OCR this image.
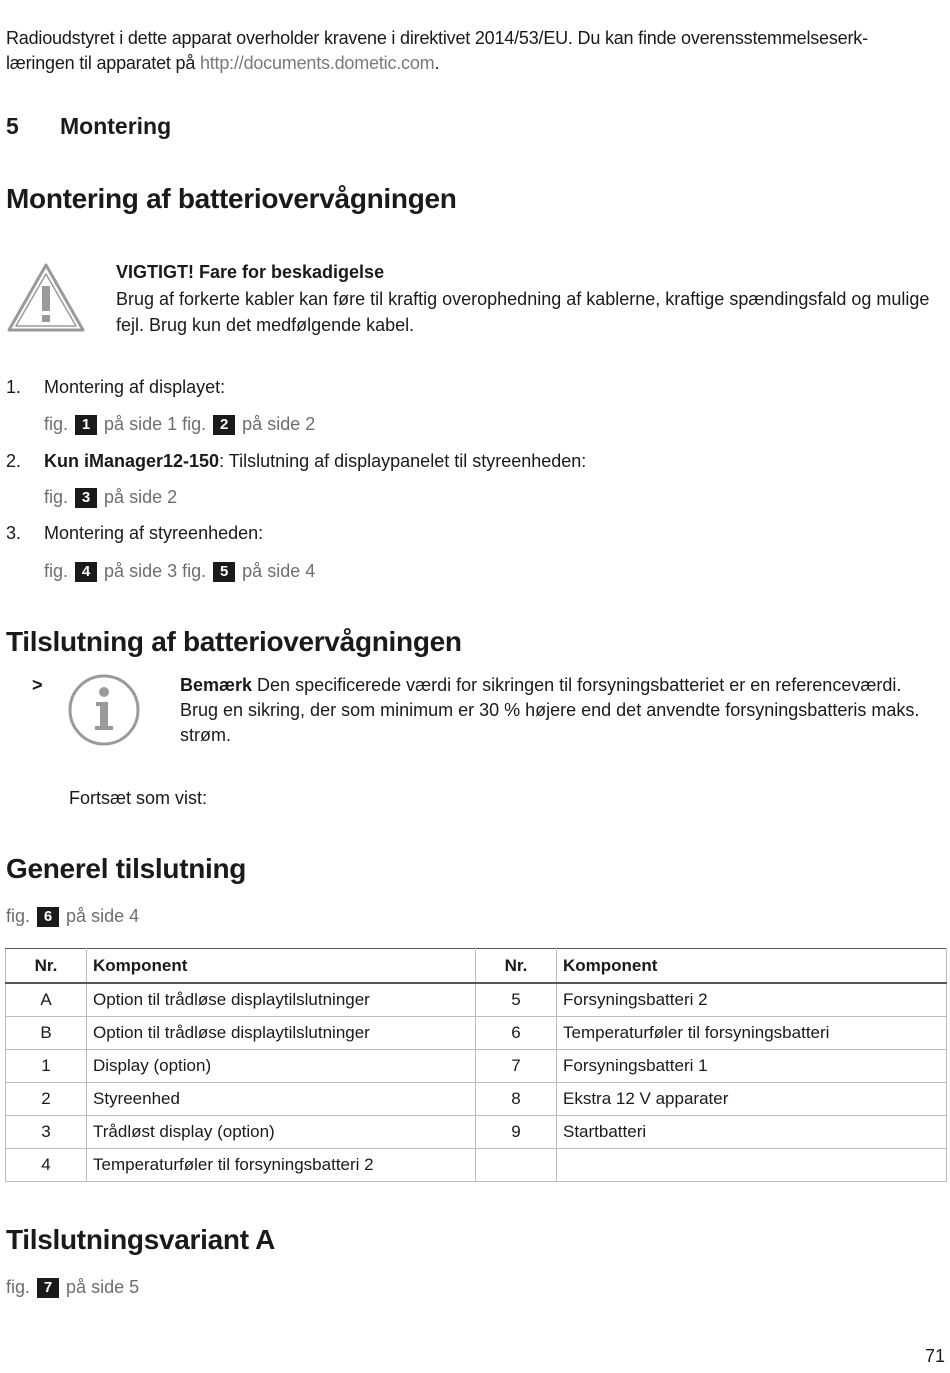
Radioudstyret i dette apparat overholder kravene i direktivet 2014/53/EU. Du kan finde overensstemmelseserk-
læringen til apparatet på http://documents.dometic.com.
5 Montering
Montering af batteriovervågningen
VIGTIGT! Fare for beskadigelse
Brug af forkerte kabler kan føre til kraftig overophedning af kablerne, kraftige spændingsfald og mulige fejl. Brug kun det medfølgende kabel.
1. Montering af displayet:
fig. 1 på side 1 fig. 2 på side 2
2. Kun iManager12-150: Tilslutning af displaypanelet til styreenheden:
fig. 3 på side 2
3. Montering af styreenheden:
fig. 4 på side 3 fig. 5 på side 4
Tilslutning af batteriovervågningen
>	Bemærk Den specificerede værdi for sikringen til forsyningsbatteriet er en referenceværdi. Brug en sikring, der som minimum er 30 % højere end det anvendte forsyningsbatteris maks. strøm.
Fortsæt som vist:
Generel tilslutning
fig. 6 på side 4
Nr.	Komponent	Nr.	Komponent
A	Option til trådløse displaytilslutninger	5	Forsyningsbatteri 2
B	Option til trådløse displaytilslutninger	6	Temperaturføler til forsyningsbatteri
1	Display (option)	7	Forsyningsbatteri 1
2	Styreenhed	8	Ekstra 12 V apparater
3	Trådløst display (option)	9	Startbatteri
4	Temperaturføler til forsyningsbatteri 2		
Tilslutningsvariant A
fig. 7 på side 5
71
